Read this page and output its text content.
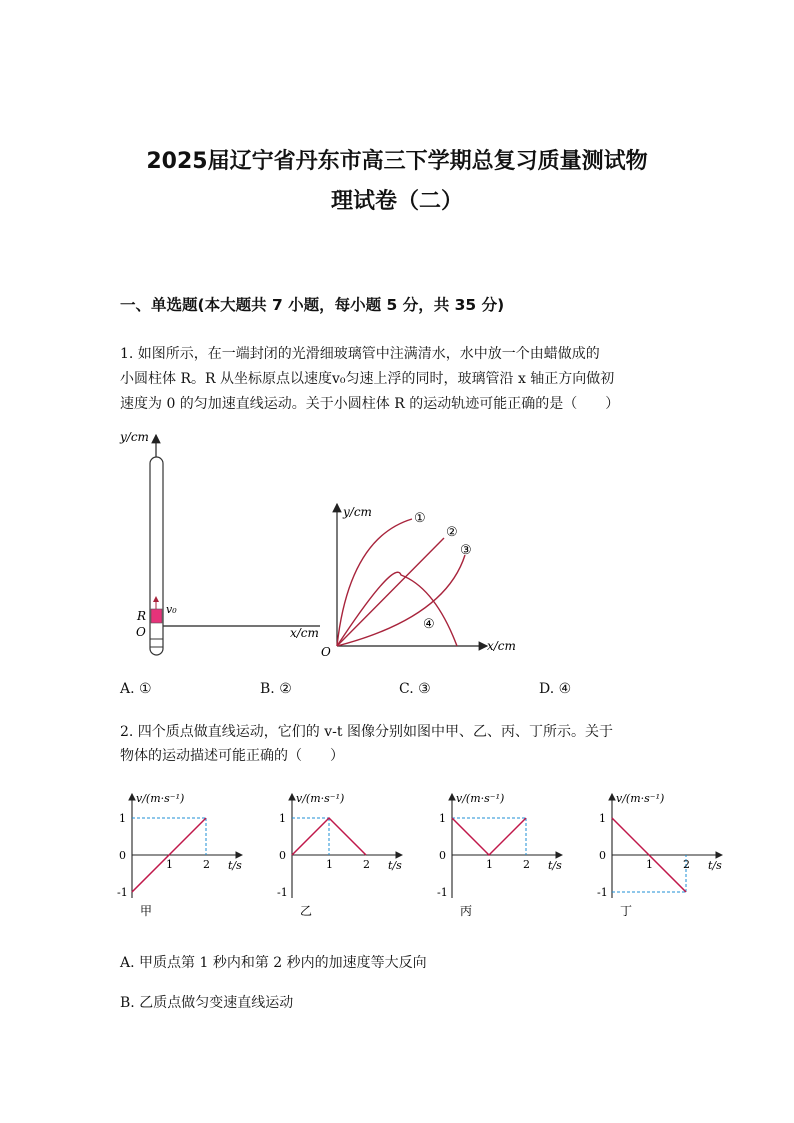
2025届辽宁省丹东市高三下学期总复习质量测试物
理试卷（二）
一、单选题(本大题共 7 小题，每小题 5 分，共 35 分)
1. 如图所示，在一端封闭的光滑细玻璃管中注满清水，水中放一个由蜡做成的
小圆柱体 R。R 从坐标原点以速度v₀匀速上浮的同时，玻璃管沿 x 轴正方向做初
速度为 0 的匀加速直线运动。关于小圆柱体 R 的运动轨迹可能正确的是（　　）
y/cm
x/cm
O
R v₀
y/cm
x/cm
O
①
②
③
④
A. ①	B. ②	C. ③	D. ④
2. 四个质点做直线运动，它们的 v-t 图像分别如图中甲、乙、丙、丁所示。关于
物体的运动描述可能正确的（　　）
1
0
-1
1	2
v/(m·s⁻¹)
t/s
甲
1
0
-1
1	2
v/(m·s⁻¹)
t/s
乙
1
0
-1
1	2
v/(m·s⁻¹)
t/s
丙
1
0
-1
1	2
v/(m·s⁻¹)
t/s
丁
A. 甲质点第 1 秒内和第 2 秒内的加速度等大反向
B. 乙质点做匀变速直线运动
